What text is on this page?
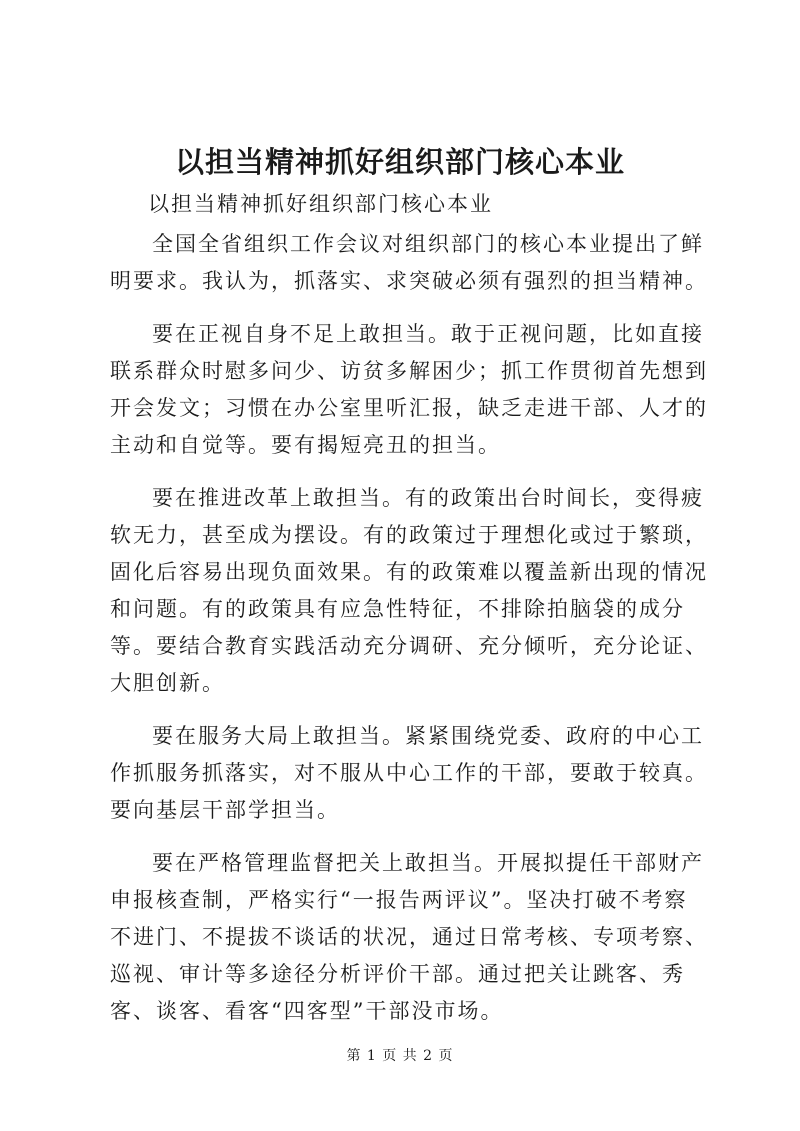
以担当精神抓好组织部门核心本业
以担当精神抓好组织部门核心本业

全国全省组织工作会议对组织部门的核心本业提出了鲜明要求。我认为，抓落实、求突破必须有强烈的担当精神。

要在正视自身不足上敢担当。敢于正视问题，比如直接联系群众时慰多问少、访贫多解困少；抓工作贯彻首先想到开会发文；习惯在办公室里听汇报，缺乏走进干部、人才的主动和自觉等。要有揭短亮丑的担当。

要在推进改革上敢担当。有的政策出台时间长，变得疲软无力，甚至成为摆设。有的政策过于理想化或过于繁琐，固化后容易出现负面效果。有的政策难以覆盖新出现的情况和问题。有的政策具有应急性特征，不排除拍脑袋的成分等。要结合教育实践活动充分调研、充分倾听，充分论证、大胆创新。

要在服务大局上敢担当。紧紧围绕党委、政府的中心工作抓服务抓落实，对不服从中心工作的干部，要敢于较真。要向基层干部学担当。

要在严格管理监督把关上敢担当。开展拟提任干部财产申报核查制，严格实行“一报告两评议”。坚决打破不考察不进门、不提拔不谈话的状况，通过日常考核、专项考察、巡视、审计等多途径分析评价干部。通过把关让跳客、秀客、谈客、看客“四客型”干部没市场。

第 1 页 共 2 页
